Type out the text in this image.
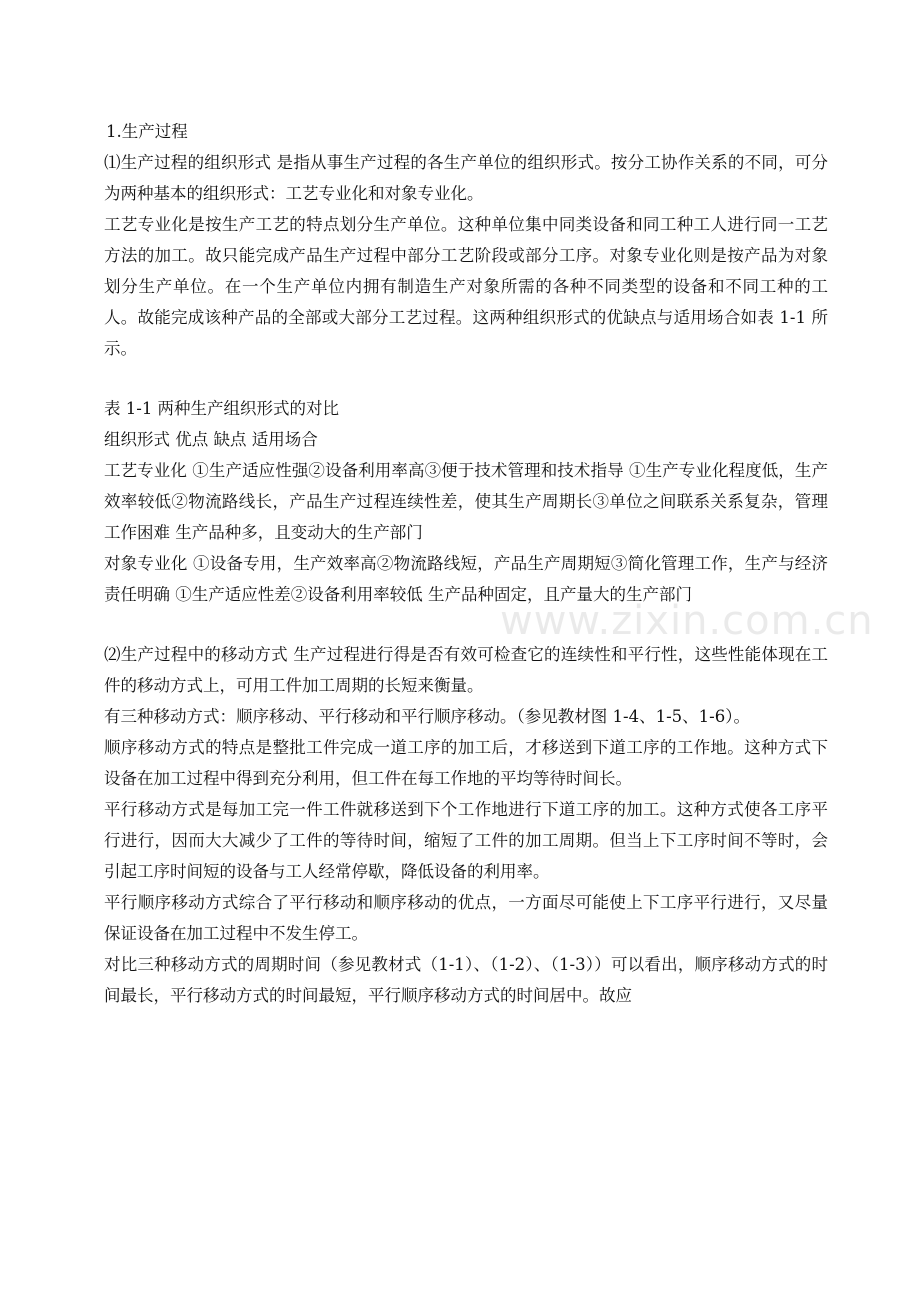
1.生产过程

⑴生产过程的组织形式 是指从事生产过程的各生产单位的组织形式。按分工协作关系的不同，可分为两种基本的组织形式：工艺专业化和对象专业化。

工艺专业化是按生产工艺的特点划分生产单位。这种单位集中同类设备和同工种工人进行同一工艺方法的加工。故只能完成产品生产过程中部分工艺阶段或部分工序。对象专业化则是按产品为对象划分生产单位。在一个生产单位内拥有制造生产对象所需的各种不同类型的设备和不同工种的工人。故能完成该种产品的全部或大部分工艺过程。这两种组织形式的优缺点与适用场合如表 1-1 所示。

表 1-1 两种生产组织形式的对比

组织形式 优点 缺点 适用场合

工艺专业化 ①生产适应性强②设备利用率高③便于技术管理和技术指导 ①生产专业化程度低，生产效率较低②物流路线长，产品生产过程连续性差，使其生产周期长③单位之间联系关系复杂，管理工作困难 生产品种多，且变动大的生产部门

对象专业化 ①设备专用，生产效率高②物流路线短，产品生产周期短③简化管理工作，生产与经济责任明确 ①生产适应性差②设备利用率较低 生产品种固定，且产量大的生产部门

⑵生产过程中的移动方式 生产过程进行得是否有效可检查它的连续性和平行性，这些性能体现在工件的移动方式上，可用工件加工周期的长短来衡量。

有三种移动方式：顺序移动、平行移动和平行顺序移动。（参见教材图 1-4、1-5、1-6）。

顺序移动方式的特点是整批工件完成一道工序的加工后，才移送到下道工序的工作地。这种方式下设备在加工过程中得到充分利用，但工件在每工作地的平均等待时间长。

平行移动方式是每加工完一件工件就移送到下个工作地进行下道工序的加工。这种方式使各工序平行进行，因而大大减少了工件的等待时间，缩短了工件的加工周期。但当上下工序时间不等时，会引起工序时间短的设备与工人经常停歇，降低设备的利用率。

平行顺序移动方式综合了平行移动和顺序移动的优点，一方面尽可能使上下工序平行进行，又尽量保证设备在加工过程中不发生停工。

对比三种移动方式的周期时间（参见教材式（1-1）、（1-2）、（1-3））可以看出，顺序移动方式的时间最长，平行移动方式的时间最短，平行顺序移动方式的时间居中。故应

www.zixin.com.cn
